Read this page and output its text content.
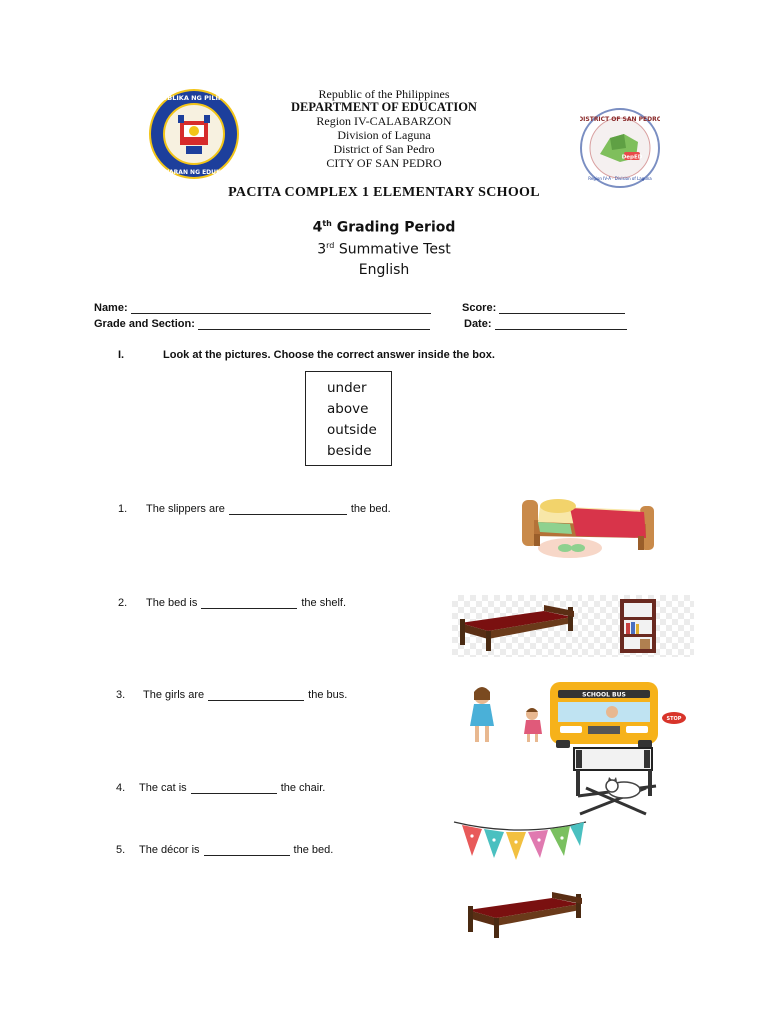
REPUBLIKA NG PILIPINAS
KAGAWARAN NG EDUKASYON
DepED
DISTRICT OF SAN PEDRO
Region IV-A · Division of Laguna
Republic of the Philippines
DEPARTMENT OF EDUCATION
Region IV-CALABARZON
Division of Laguna
District of San Pedro
CITY OF SAN PEDRO
PACITA COMPLEX 1 ELEMENTARY SCHOOL
4th Grading Period
3rd Summative Test
English
Name:	Score:
Grade and Section:	Date:
I.	Look at the pictures. Choose the correct answer inside the box.
under
above
outside
beside
1. The slippers are	the bed.
2. The bed is	the shelf.
3. The girls are	the bus.
4. The cat is	the chair.
5. The décor is	the bed.
SCHOOL BUS
STOP
